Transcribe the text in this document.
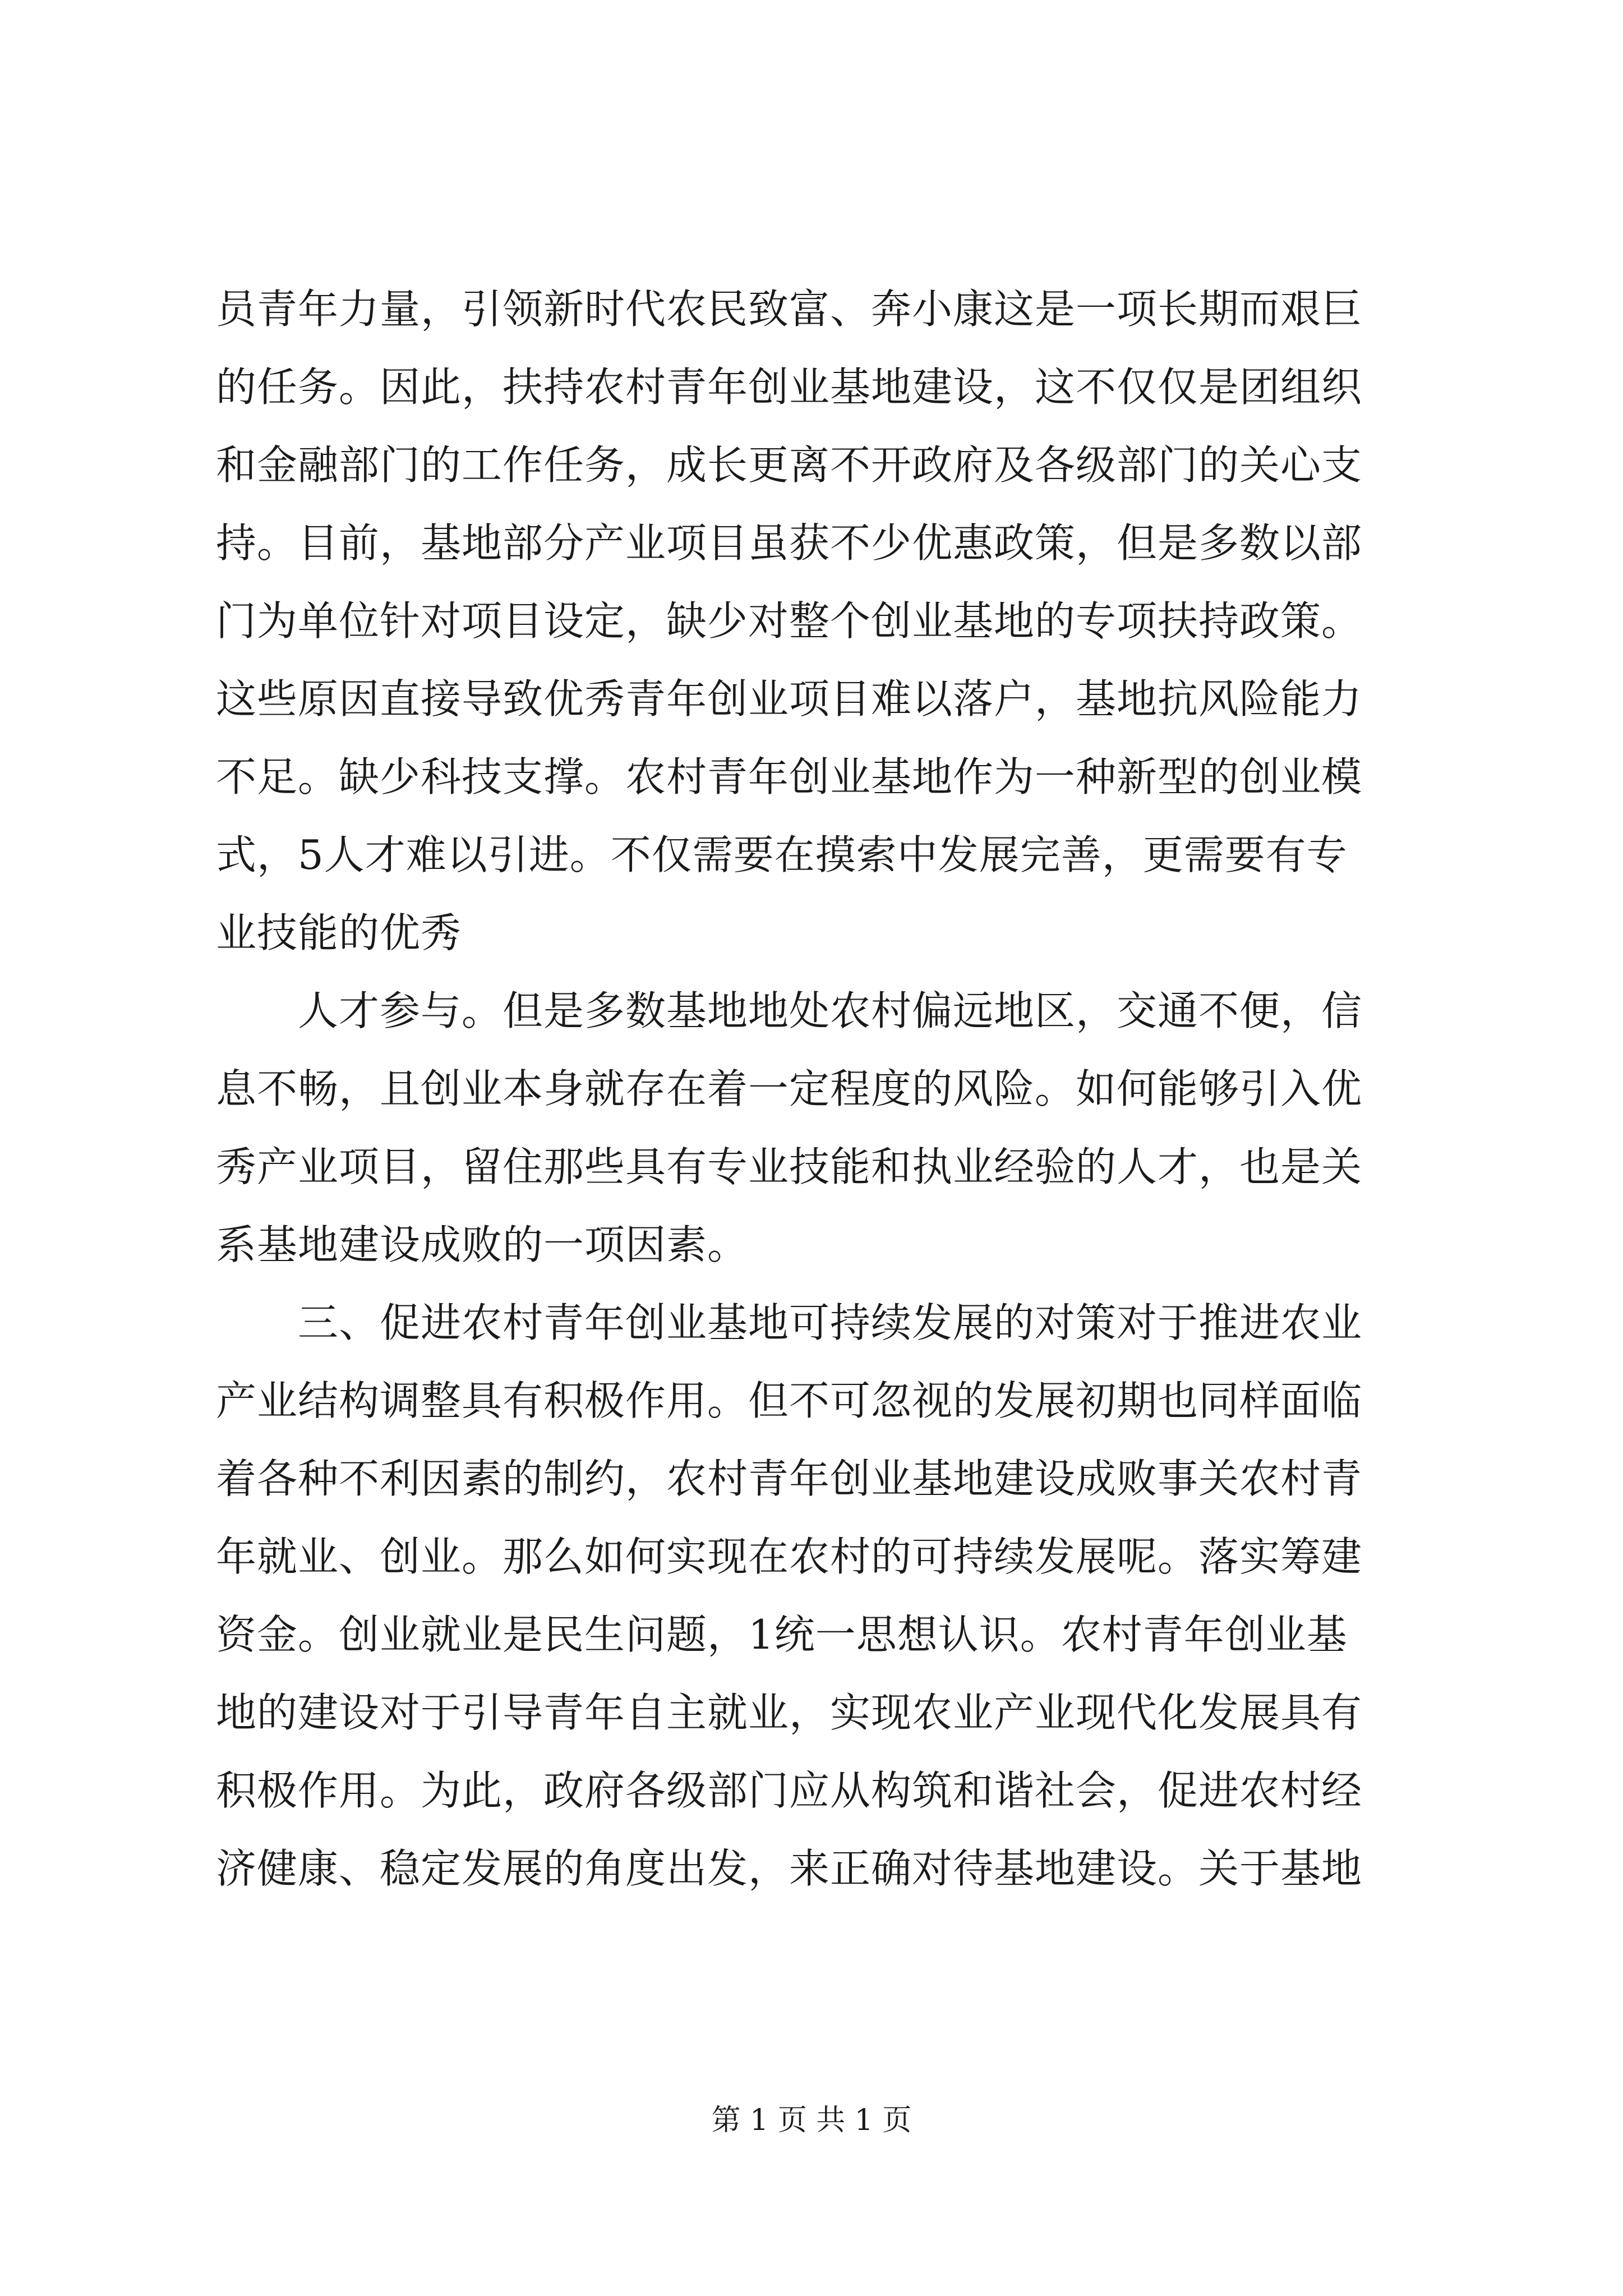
员青年力量，引领新时代农民致富、奔小康这是一项长期而艰巨
的任务。因此，扶持农村青年创业基地建设，这不仅仅是团组织
和金融部门的工作任务，成长更离不开政府及各级部门的关心支
持。目前，基地部分产业项目虽获不少优惠政策，但是多数以部
门为单位针对项目设定，缺少对整个创业基地的专项扶持政策。
这些原因直接导致优秀青年创业项目难以落户，基地抗风险能力
不足。缺少科技支撑。农村青年创业基地作为一种新型的创业模
式，5人才难以引进。不仅需要在摸索中发展完善，更需要有专
业技能的优秀
　　人才参与。但是多数基地地处农村偏远地区，交通不便，信
息不畅，且创业本身就存在着一定程度的风险。如何能够引入优
秀产业项目，留住那些具有专业技能和执业经验的人才，也是关
系基地建设成败的一项因素。
　　三、促进农村青年创业基地可持续发展的对策对于推进农业
产业结构调整具有积极作用。但不可忽视的发展初期也同样面临
着各种不利因素的制约，农村青年创业基地建设成败事关农村青
年就业、创业。那么如何实现在农村的可持续发展呢。落实筹建
资金。创业就业是民生问题，1统一思想认识。农村青年创业基
地的建设对于引导青年自主就业，实现农业产业现代化发展具有
积极作用。为此，政府各级部门应从构筑和谐社会，促进农村经
济健康、稳定发展的角度出发，来正确对待基地建设。关于基地
第 1 页 共 1 页
